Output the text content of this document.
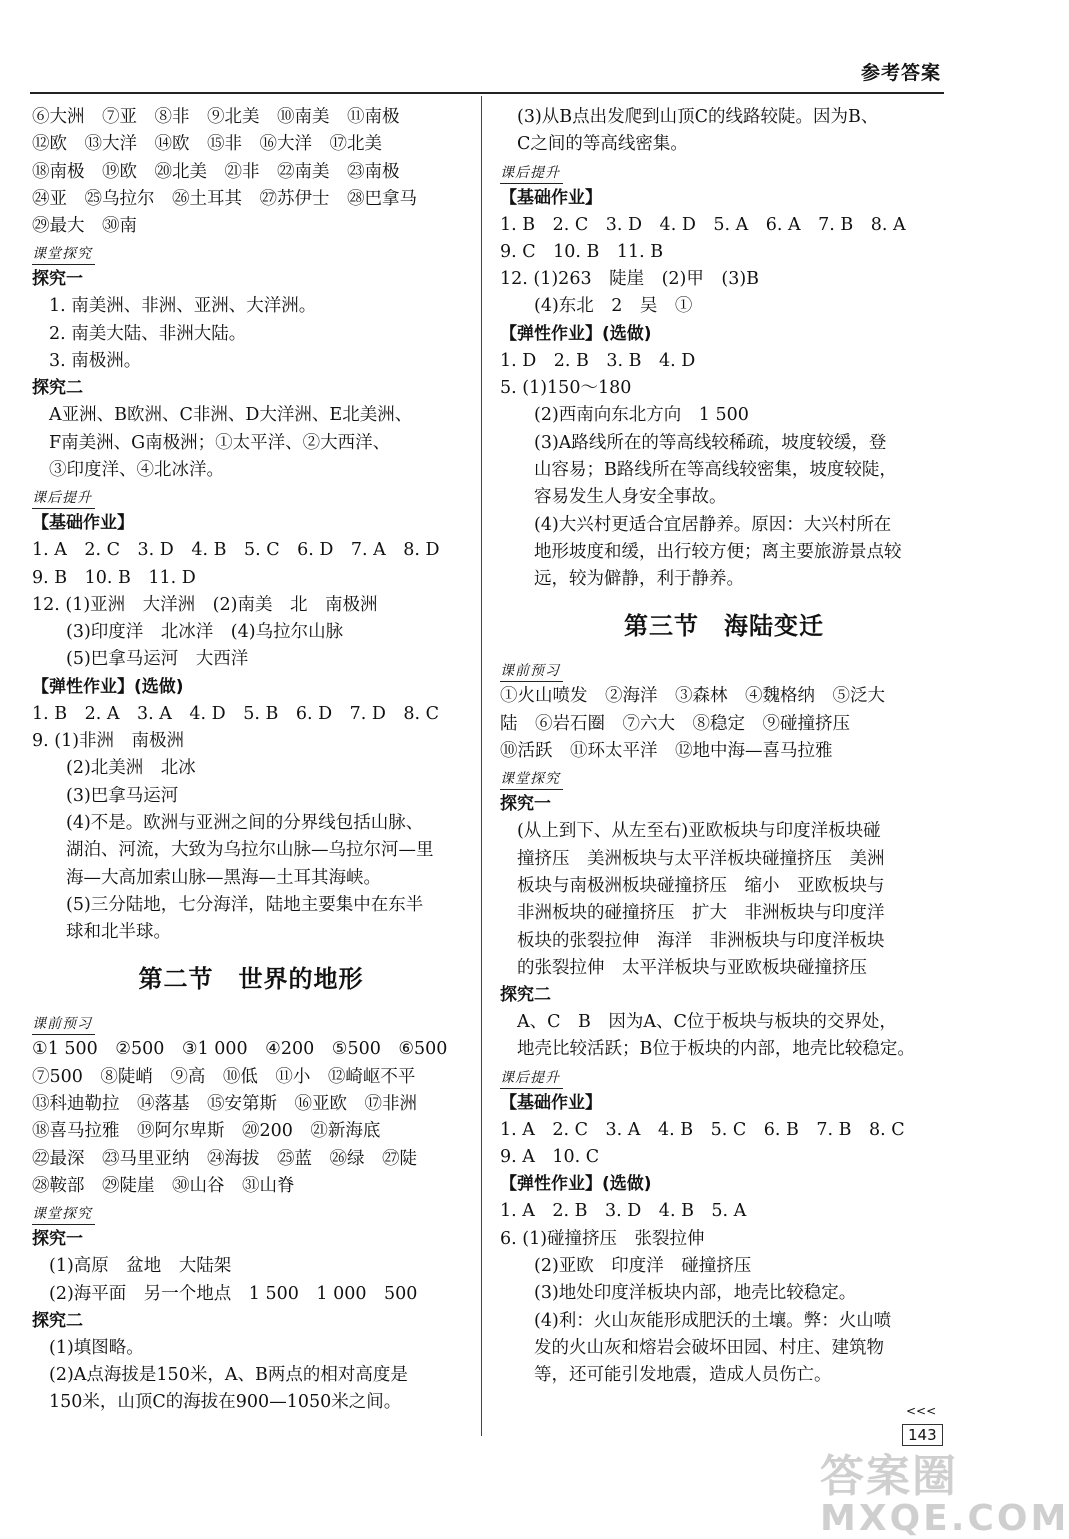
参考答案
⑥大洲　⑦亚　⑧非　⑨北美　⑩南美　⑪南极
⑫欧　⑬大洋　⑭欧　⑮非　⑯大洋　⑰北美
⑱南极　⑲欧　⑳北美　㉑非　㉒南美　㉓南极
㉔亚　㉕乌拉尔　㉖土耳其　㉗苏伊士　㉘巴拿马
㉙最大　㉚南
课堂探究
探究一
1. 南美洲、非洲、亚洲、大洋洲。
2. 南美大陆、非洲大陆。
3. 南极洲。
探究二
A亚洲、B欧洲、C非洲、D大洋洲、E北美洲、
F南美洲、G南极洲；①太平洋、②大西洋、
③印度洋、④北冰洋。
课后提升
【基础作业】
1. A　2. C　3. D　4. B　5. C　6. D　7. A　8. D
9. B　10. B　11. D
12. (1)亚洲　大洋洲　(2)南美　北　南极洲
(3)印度洋　北冰洋　(4)乌拉尔山脉
(5)巴拿马运河　大西洋
【弹性作业】(选做)
1. B　2. A　3. A　4. D　5. B　6. D　7. D　8. C
9. (1)非洲　南极洲
(2)北美洲　北冰
(3)巴拿马运河
(4)不是。欧洲与亚洲之间的分界线包括山脉、
湖泊、河流，大致为乌拉尔山脉—乌拉尔河—里
海—大高加索山脉—黑海—土耳其海峡。
(5)三分陆地，七分海洋，陆地主要集中在东半
球和北半球。
第二节　世界的地形
课前预习
①1 500　②500　③1 000　④200　⑤500　⑥500
⑦500　⑧陡峭　⑨高　⑩低　⑪小　⑫崎岖不平
⑬科迪勒拉　⑭落基　⑮安第斯　⑯亚欧　⑰非洲
⑱喜马拉雅　⑲阿尔卑斯　⑳200　㉑新海底
㉒最深　㉓马里亚纳　㉔海拔　㉕蓝　㉖绿　㉗陡
㉘鞍部　㉙陡崖　㉚山谷　㉛山脊
课堂探究
探究一
(1)高原　盆地　大陆架
(2)海平面　另一个地点　1 500　1 000　500
探究二
(1)填图略。
(2)A点海拔是150米，A、B两点的相对高度是
150米，山顶C的海拔在900—1050米之间。
(3)从B点出发爬到山顶C的线路较陡。因为B、
C之间的等高线密集。
课后提升
【基础作业】
1. B　2. C　3. D　4. D　5. A　6. A　7. B　8. A
9. C　10. B　11. B
12. (1)263　陡崖　(2)甲　(3)B
(4)东北　2　吴　①
【弹性作业】(选做)
1. D　2. B　3. B　4. D
5. (1)150～180
(2)西南向东北方向　1 500
(3)A路线所在的等高线较稀疏，坡度较缓，登
山容易；B路线所在等高线较密集，坡度较陡，
容易发生人身安全事故。
(4)大兴村更适合宜居静养。原因：大兴村所在
地形坡度和缓，出行较方便；离主要旅游景点较
远，较为僻静，利于静养。
第三节　海陆变迁
课前预习
①火山喷发　②海洋　③森林　④魏格纳　⑤泛大
陆　⑥岩石圈　⑦六大　⑧稳定　⑨碰撞挤压
⑩活跃　⑪环太平洋　⑫地中海—喜马拉雅
课堂探究
探究一
(从上到下、从左至右)亚欧板块与印度洋板块碰
撞挤压　美洲板块与太平洋板块碰撞挤压　美洲
板块与南极洲板块碰撞挤压　缩小　亚欧板块与
非洲板块的碰撞挤压　扩大　非洲板块与印度洋
板块的张裂拉伸　海洋　非洲板块与印度洋板块
的张裂拉伸　太平洋板块与亚欧板块碰撞挤压
探究二
A、C　B　因为A、C位于板块与板块的交界处，
地壳比较活跃；B位于板块的内部，地壳比较稳定。
课后提升
【基础作业】
1. A　2. C　3. A　4. B　5. C　6. B　7. B　8. C
9. A　10. C
【弹性作业】(选做)
1. A　2. B　3. D　4. B　5. A
6. (1)碰撞挤压　张裂拉伸
(2)亚欧　印度洋　碰撞挤压
(3)地处印度洋板块内部，地壳比较稳定。
(4)利：火山灰能形成肥沃的土壤。弊：火山喷
发的火山灰和熔岩会破坏田园、村庄、建筑物
等，还可能引发地震，造成人员伤亡。
<<<
143
答案圈
MXQE.COM
